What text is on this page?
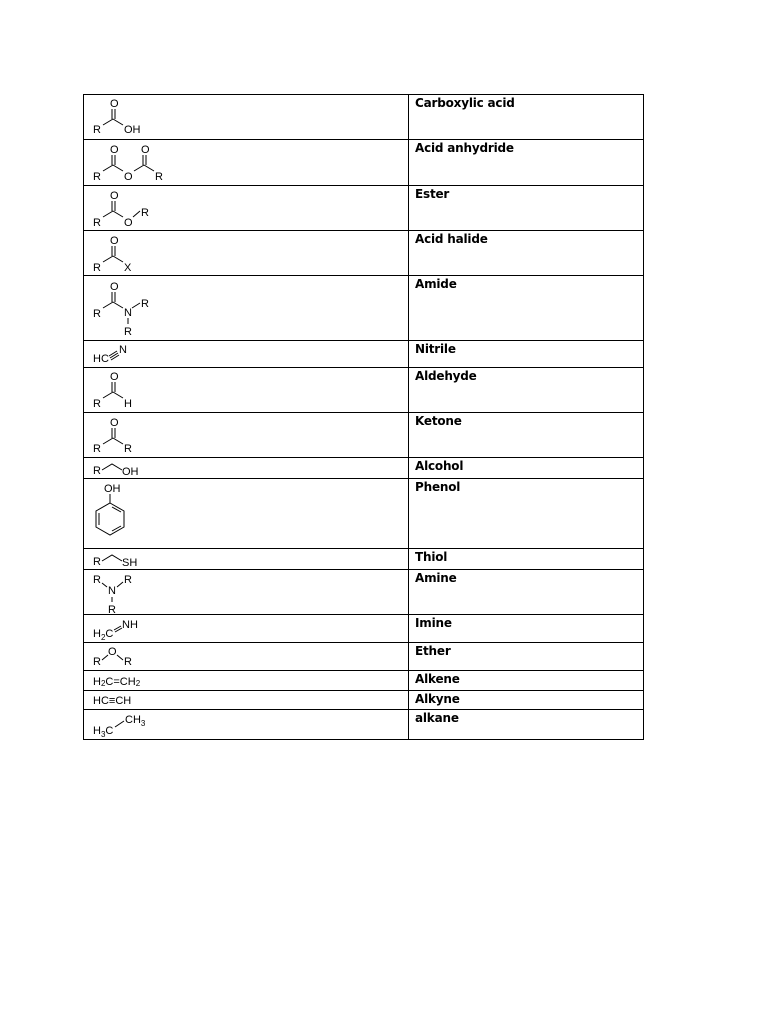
O
R OH	Carboxylic acid

O O
R O R	Acid anhydride

O
R O
R	Ester

O
R X	Acid halide

O
R N
R
R	Amide

HC
N	Nitrile

O
R H	Aldehyde

O
R R	Ketone

R OH	Alcohol

OH	Phenol

R SH	Thiol

R R
N
R	Amine

$H_2C$
NH	Imine

R
O
R	Ether

H2C=CH2	Alkene

HC≡CH	Alkyne

$H_3C$
$CH_3$	alkane
